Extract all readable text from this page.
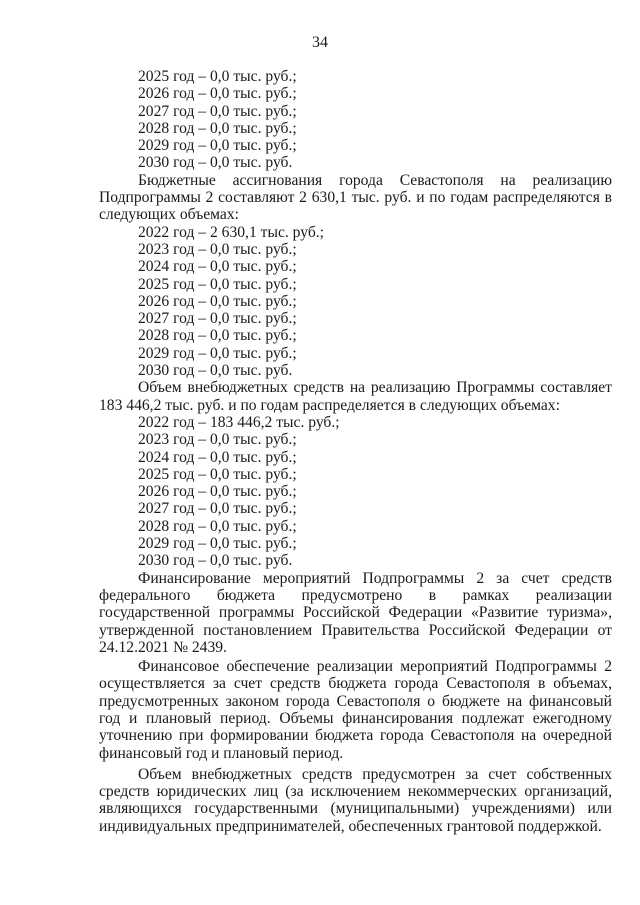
34
2025 год – 0,0 тыс. руб.;
2026 год – 0,0 тыс. руб.;
2027 год – 0,0 тыс. руб.;
2028 год – 0,0 тыс. руб.;
2029 год – 0,0 тыс. руб.;
2030 год – 0,0 тыс. руб.
Бюджетные ассигнования города Севастополя на реализацию Подпрограммы 2 составляют 2 630,1 тыс. руб. и по годам распределяются в следующих объемах:
2022 год – 2 630,1 тыс. руб.;
2023 год – 0,0 тыс. руб.;
2024 год – 0,0 тыс. руб.;
2025 год – 0,0 тыс. руб.;
2026 год – 0,0 тыс. руб.;
2027 год – 0,0 тыс. руб.;
2028 год – 0,0 тыс. руб.;
2029 год – 0,0 тыс. руб.;
2030 год – 0,0 тыс. руб.
Объем внебюджетных средств на реализацию Программы составляет 183 446,2 тыс. руб. и по годам распределяется в следующих объемах:
2022 год – 183 446,2 тыс. руб.;
2023 год – 0,0 тыс. руб.;
2024 год – 0,0 тыс. руб.;
2025 год – 0,0 тыс. руб.;
2026 год – 0,0 тыс. руб.;
2027 год – 0,0 тыс. руб.;
2028 год – 0,0 тыс. руб.;
2029 год – 0,0 тыс. руб.;
2030 год – 0,0 тыс. руб.
Финансирование мероприятий Подпрограммы 2 за счет средств федерального бюджета предусмотрено в рамках реализации государственной программы Российской Федерации «Развитие туризма», утвержденной постановлением Правительства Российской Федерации от 24.12.2021 № 2439.
Финансовое обеспечение реализации мероприятий Подпрограммы 2 осуществляется за счет средств бюджета города Севастополя в объемах, предусмотренных законом города Севастополя о бюджете на финансовый год и плановый период. Объемы финансирования подлежат ежегодному уточнению при формировании бюджета города Севастополя на очередной финансовый год и плановый период.
Объем внебюджетных средств предусмотрен за счет собственных средств юридических лиц (за исключением некоммерческих организаций, являющихся государственными (муниципальными) учреждениями) или индивидуальных предпринимателей, обеспеченных грантовой поддержкой.
